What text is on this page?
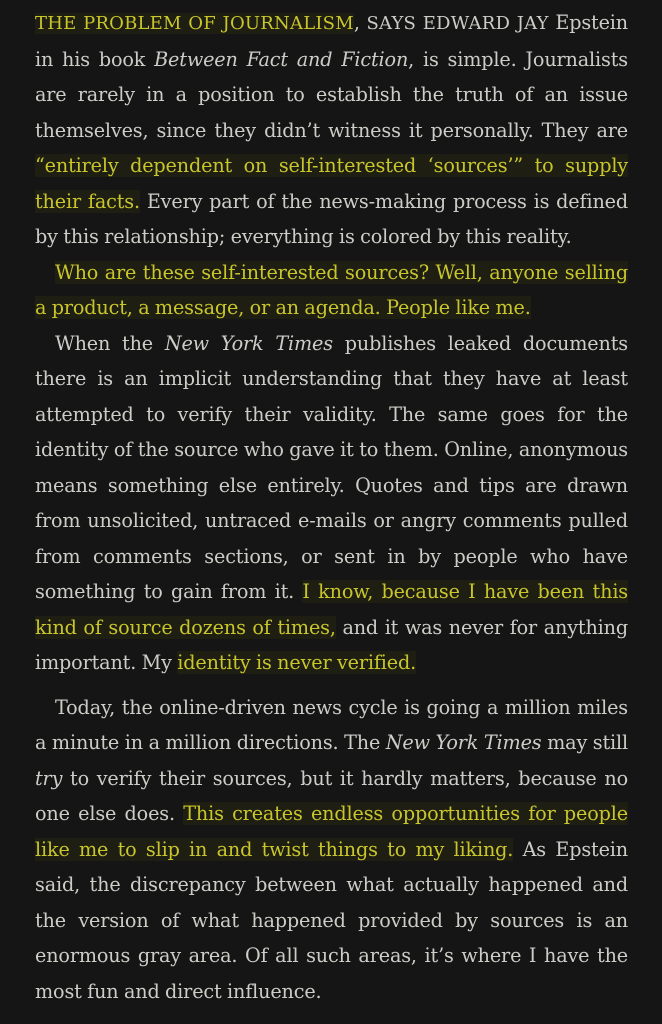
THE PROBLEM OF JOURNALISM, SAYS EDWARD JAY Epstein in his book Between Fact and Fiction, is simple. Journalists are rarely in a position to establish the truth of an issue themselves, since they didn’t witness it personally. They are “entirely dependent on self-interested ‘sources’” to supply their facts. Every part of the news-making process is defined by this relationship; everything is colored by this reality.

Who are these self-interested sources? Well, anyone selling a product, a message, or an agenda. People like me.

When the New York Times publishes leaked documents there is an implicit understanding that they have at least attempted to verify their validity. The same goes for the identity of the source who gave it to them. Online, anonymous means something else entirely. Quotes and tips are drawn from unsolicited, untraced e-mails or angry comments pulled from comments sections, or sent in by people who have something to gain from it. I know, because I have been this kind of source dozens of times, and it was never for anything important. My identity is never verified.

Today, the online-driven news cycle is going a million miles a minute in a million directions. The New York Times may still try to verify their sources, but it hardly matters, because no one else does. This creates endless opportunities for people like me to slip in and twist things to my liking. As Epstein said, the discrepancy between what actually happened and the version of what happened provided by sources is an enormous gray area. Of all such areas, it’s where I have the most fun and direct influence.
